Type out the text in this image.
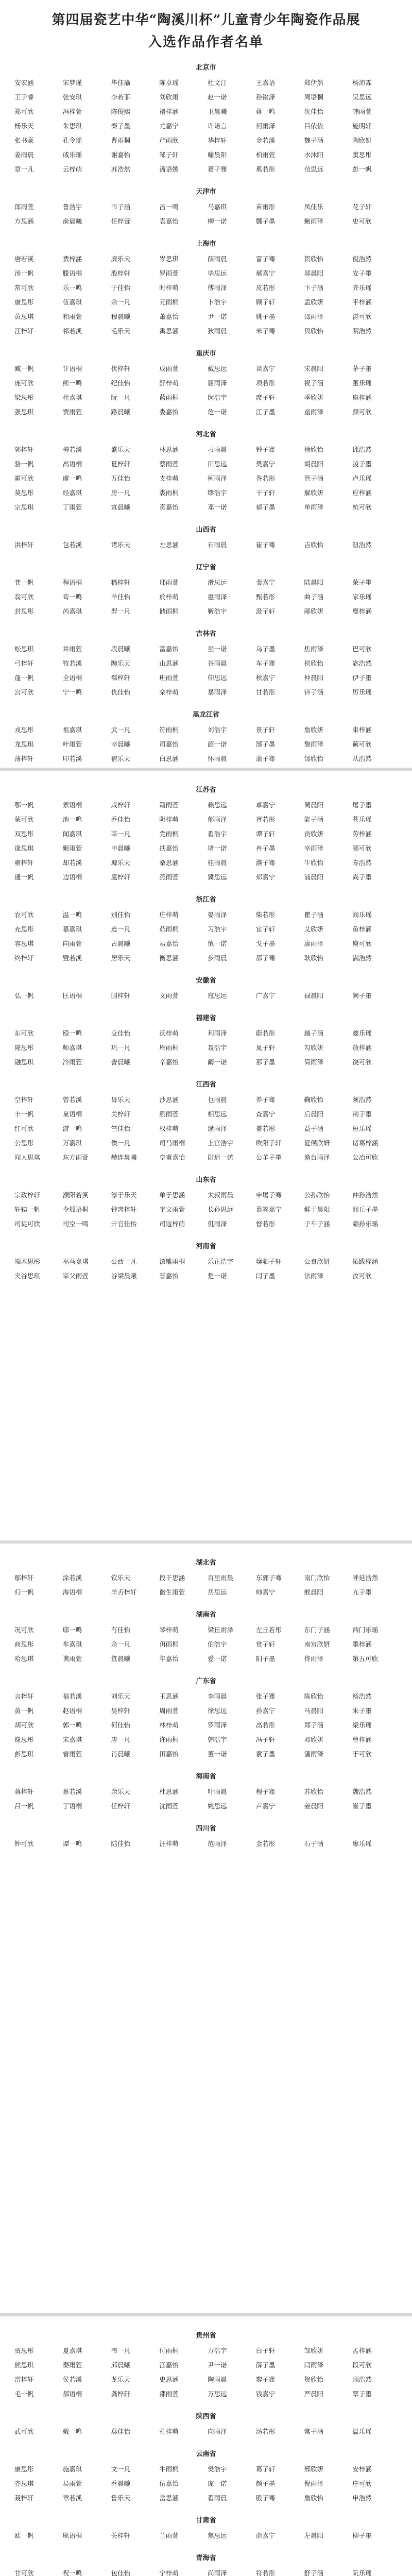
第四届瓷艺中华“陶溪川杯”儿童青少年陶瓷作品展
入选作品作者名单
北京市
安宏涵	宋梦瑾	毕佳瑜	陈卓瑶	杜文汀	王嘉语	郑伊然	杨沛霖
王子睿	张安琪	李若菲	刘欣雨	赵一诺	孙铭泽	周语桐	吴思远
郑可欣	冯梓萱	陈俊熙	褚梓涵	卫晨曦	蒋一鸣	沈佳怡	韩雨萱
杨乐天	朱思琪	秦子墨	尤嘉宁	许诺言	何雨泽	吕依依	施明轩
张书豪	孔令瑶	曹雨桐	严雨欣	华梓轩	金若溪	魏子涵	陶欣妍
姜雨晨	戚乐瑶	谢嘉怡	邹子轩	喻晨阳	柏雨萱	水沐阳	窦思彤
章一凡	云梓萌	苏浩然	潘语嫣	葛子骞	奚若彤	范思远	彭一帆
天津市
郎雨萱	鲁浩宇	韦子涵	昌一鸣	马嘉琪	苗雨彤	凤佳乐	花子轩
方思涵	俞晨曦	任梓萱	袁嘉怡	柳一诺	酆子墨	鲍雨泽	史可欣
上海市
唐若溪	费梓涵	廉乐天	岑思琪	薛雨晨	雷子骞	贺欣怡	倪浩然
汤一帆	滕语桐	殷梓轩	罗雨萱	毕思远	郝嘉宁	邬晨阳	安子墨
常可欣	乐一鸣	于佳怡	时梓萌	傅雨泽	皮若彤	卞子涵	齐乐瑶
康思彤	伍嘉琪	余一凡	元雨桐	卜浩宇	顾子轩	孟欣妍	平梓涵
黄思琪	和雨萱	穆晨曦	萧嘉怡	尹一诺	姚子墨	邵雨泽	湛可欣
汪梓轩	祁若溪	毛乐天	禹思涵	狄雨晨	米子骞	贝欣怡	明浩然
重庆市
臧一帆	计语桐	伏梓轩	成雨萱	戴思远	谈嘉宁	宋晨阳	茅子墨
庞可欣	熊一鸣	纪佳怡	舒梓萌	屈雨泽	项若彤	祝子涵	董乐瑶
梁思彤	杜嘉琪	阮一凡	蓝雨桐	闵浩宇	席子轩	季欣妍	麻梓涵
强思琪	贾雨萱	路晨曦	娄嘉怡	危一诺	江子墨	童雨泽	颜可欣
河北省
郭梓轩	梅若溪	盛乐天	林思涵	刁雨晨	钟子骞	徐欣怡	邱浩然
骆一帆	高语桐	夏梓轩	蔡雨萱	田思远	樊嘉宁	胡晨阳	凌子墨
霍可欣	虞一鸣	万佳怡	支梓萌	柯雨泽	昝若彤	管子涵	卢乐瑶
莫思彤	经嘉琪	房一凡	裘雨桐	缪浩宇	干子轩	解欣妍	应梓涵
宗思琪	丁雨萱	宣晨曦	贲嘉怡	邓一诺	郁子墨	单雨泽	杭可欣
山西省
洪梓轩	包若溪	诸乐天	左思涵	石雨晨	崔子骞	吉欣怡	钮浩然
辽宁省
龚一帆	程语桐	嵇梓轩	邢雨萱	滑思远	裴嘉宁	陆晨阳	荣子墨
翁可欣	荀一鸣	羊佳怡	於梓萌	惠雨泽	甄若彤	曲子涵	家乐瑶
封思彤	芮嘉琪	羿一凡	储雨桐	靳浩宇	汲子轩	邴欣妍	糜梓涵
吉林省
松思琪	井雨萱	段晨曦	富嘉怡	巫一诺	乌子墨	焦雨泽	巴可欣
弓梓轩	牧若溪	隗乐天	山思涵	谷雨晨	车子骞	侯欣怡	宓浩然
蓬一帆	全语桐	郗梓轩	班雨萱	仰思远	秋嘉宁	仲晨阳	伊子墨
宫可欣	宁一鸣	仇佳怡	栾梓萌	暴雨泽	甘若彤	钭子涵	厉乐瑶
黑龙江省
戎思彤	祖嘉琪	武一凡	符雨桐	刘浩宇	景子轩	詹欣妍	束梓涵
龙思琪	叶雨萱	幸晨曦	司嘉怡	韶一诺	郜子墨	黎雨泽	蓟可欣
薄梓轩	印若溪	宿乐天	白思涵	怀雨晨	蒲子骞	邰欣怡	从浩然
江苏省
鄂一帆	索语桐	咸梓轩	籍雨萱	赖思远	卓嘉宁	蔺晨阳	屠子墨
蒙可欣	池一鸣	乔佳怡	阴梓萌	郁雨泽	胥若彤	能子涵	苍乐瑶
双思彤	闻嘉琪	莘一凡	党雨桐	翟浩宇	谭子轩	贡欣妍	劳梓涵
逄思琪	姬雨萱	申晨曦	扶嘉怡	堵一诺	冉子墨	宰雨泽	郦可欣
雍梓轩	却若溪	璩乐天	桑思涵	桂雨晨	濮子骞	牛欣怡	寿浩然
通一帆	边语桐	扈梓轩	燕雨萱	冀思远	郏嘉宁	浦晨阳	尚子墨
浙江省
农可欣	温一鸣	别佳怡	庄梓萌	晏雨泽	柴若彤	瞿子涵	阎乐瑶
充思彤	慕嘉琪	连一凡	茹雨桐	习浩宇	宦子轩	艾欣妍	鱼梓涵
容思琪	向雨萱	古晨曦	易嘉怡	慎一诺	戈子墨	廖雨泽	庾可欣
终梓轩	暨若溪	居乐天	衡思涵	步雨晨	都子骞	耿欣怡	满浩然
安徽省
弘一帆	匡语桐	国梓轩	文雨萱	寇思远	广嘉宁	禄晨阳	阙子墨
福建省
东可欣	殴一鸣	殳佳怡	沃梓萌	利雨泽	蔚若彤	越子涵	夔乐瑶
隆思彤	师嘉琪	巩一凡	厍雨桐	聂浩宇	晁子轩	勾欣妍	敖梓涵
融思琪	冷雨萱	訾晨曦	辛嘉怡	阚一诺	那子墨	简雨泽	饶可欣
江西省
空梓轩	曾若溪	毋乐天	沙思涵	乜雨晨	养子骞	鞠欣怡	须浩然
丰一帆	巢语桐	关梓轩	蒯雨萱	相思远	查嘉宁	后晨阳	荆子墨
红可欣	游一鸣	竺佳怡	权梓萌	逯雨泽	盖若彤	益子涵	桓乐瑶
公思彤	万嘉琪	俟一凡	司马雨桐	上官浩宇	欧阳子轩	夏侯欣妍	诸葛梓涵
闻人思琪	东方雨萱	赫连晨曦	皇甫嘉怡	尉迟一诺	公羊子墨	澹台雨泽	公冶可欣
山东省
宗政梓轩	濮阳若溪	淳于乐天	单于思涵	太叔雨晨	申屠子骞	公孙欣怡	仲孙浩然
轩辕一帆	令狐语桐	钟离梓轩	宇文雨萱	长孙思远	慕容嘉宁	鲜于晨阳	闾丘子墨
司徒可欣	司空一鸣	亓官佳怡	司寇梓萌	仉雨泽	督若彤	子车子涵	颛孙乐瑶
河南省
端木思彤	巫马嘉琪	公西一凡	漆雕雨桐	乐正浩宇	壤驷子轩	公良欣妍	拓跋梓涵
夹谷思琪	宰父雨萱	谷梁晨曦	晋嘉怡	楚一诺	闫子墨	法雨泽	汝可欣
湖北省
鄢梓轩	涂若溪	钦乐天	段干思涵	百里雨晨	东郭子骞	南门欣怡	呼延浩然
归一帆	海语桐	羊舌梓轩	微生雨萱	岳思远	帅嘉宁	缑晨阳	亢子墨
湖南省
况可欣	郈一鸣	有佳怡	琴梓萌	梁丘雨泽	左丘若彤	东门子涵	西门乐瑶
商思彤	牟嘉琪	佘一凡	佴雨桐	伯浩宇	赏子轩	南宫欣妍	墨梓涵
哈思琪	谯雨萱	笪晨曦	年嘉怡	爱一诺	阳子墨	佟雨泽	第五可欣
广东省
言梓轩	福若溪	刘乐天	王思涵	李雨晨	张子骞	陈欣怡	杨浩然
黄一帆	赵语桐	吴梓轩	周雨萱	徐思远	孙嘉宁	马晨阳	朱子墨
胡可欣	郭一鸣	何佳怡	林梓萌	罗雨泽	高若彤	郑子涵	梁乐瑶
谢思彤	宋嘉琪	唐一凡	许雨桐	韩浩宇	冯子轩	邓欣妍	曹梓涵
彭思琪	曾雨萱	肖晨曦	田嘉怡	董一诺	袁子墨	潘雨泽	于可欣
海南省
蒋梓轩	蔡若溪	余乐天	杜思涵	叶雨晨	程子骞	苏欣怡	魏浩然
吕一帆	丁语桐	任梓轩	沈雨萱	姚思远	卢嘉宁	姜晨阳	崔子墨
四川省
钟可欣	谭一鸣	陆佳怡	汪梓萌	范雨泽	金若彤	石子涵	廖乐瑶
贵州省
贾思彤	夏嘉琪	韦一凡	付雨桐	方浩宇	白子轩	邹欣妍	孟梓涵
熊思琪	秦雨萱	邱晨曦	江嘉怡	尹一诺	薛子墨	闫雨泽	段可欣
雷梓轩	侯若溪	龙乐天	史思涵	陶雨晨	黎子骞	贺欣怡	顾浩然
毛一帆	郝语桐	龚梓轩	邵雨萱	万思远	钱嘉宁	严晨阳	覃子墨
陕西省
武可欣	戴一鸣	莫佳怡	孔梓萌	向雨泽	汤若彤	常子涵	温乐瑶
云南省
康思彤	施嘉琪	文一凡	牛雨桐	樊浩宇	葛子轩	邢欣妍	安梓涵
齐思琪	易雨萱	乔晨曦	伍嘉怡	庞一诺	颜子墨	倪雨泽	庄可欣
聂梓轩	章若溪	鲁乐天	岳思涵	翟雨晨	殷子骞	詹欣怡	申浩然
甘肃省
欧一帆	耿语桐	关梓轩	兰雨萱	焦思远	俞嘉宁	左晨阳	柳子墨
青海省
甘可欣	祝一鸣	包佳怡	宁梓萌	尚雨泽	符若彤	舒子涵	阮乐瑶
